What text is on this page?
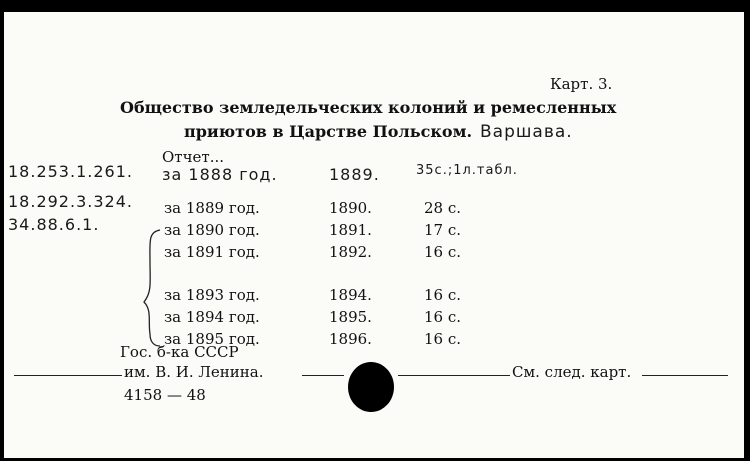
Карт. 3.
Общество земледельческих колоний и ремесленных
приютов в Царстве Польском. Варшава.
Отчет...
18.253.1.261.
18.292.3.324.
34.88.6.1.
за 1888 год.	1889.	35с.;1л.табл.
за 1889 год.	1890.	28 с.
за 1890 год.	1891.	17 с.
за 1891 год.	1892.	16 с.
за 1893 год.	1894.	16 с.
за 1894 год.	1895.	16 с.
за 1895 год.	1896.	16 с.
Гос. б-ка СССР
им. В. И. Ленина.	См. след. карт.
4158 — 48
